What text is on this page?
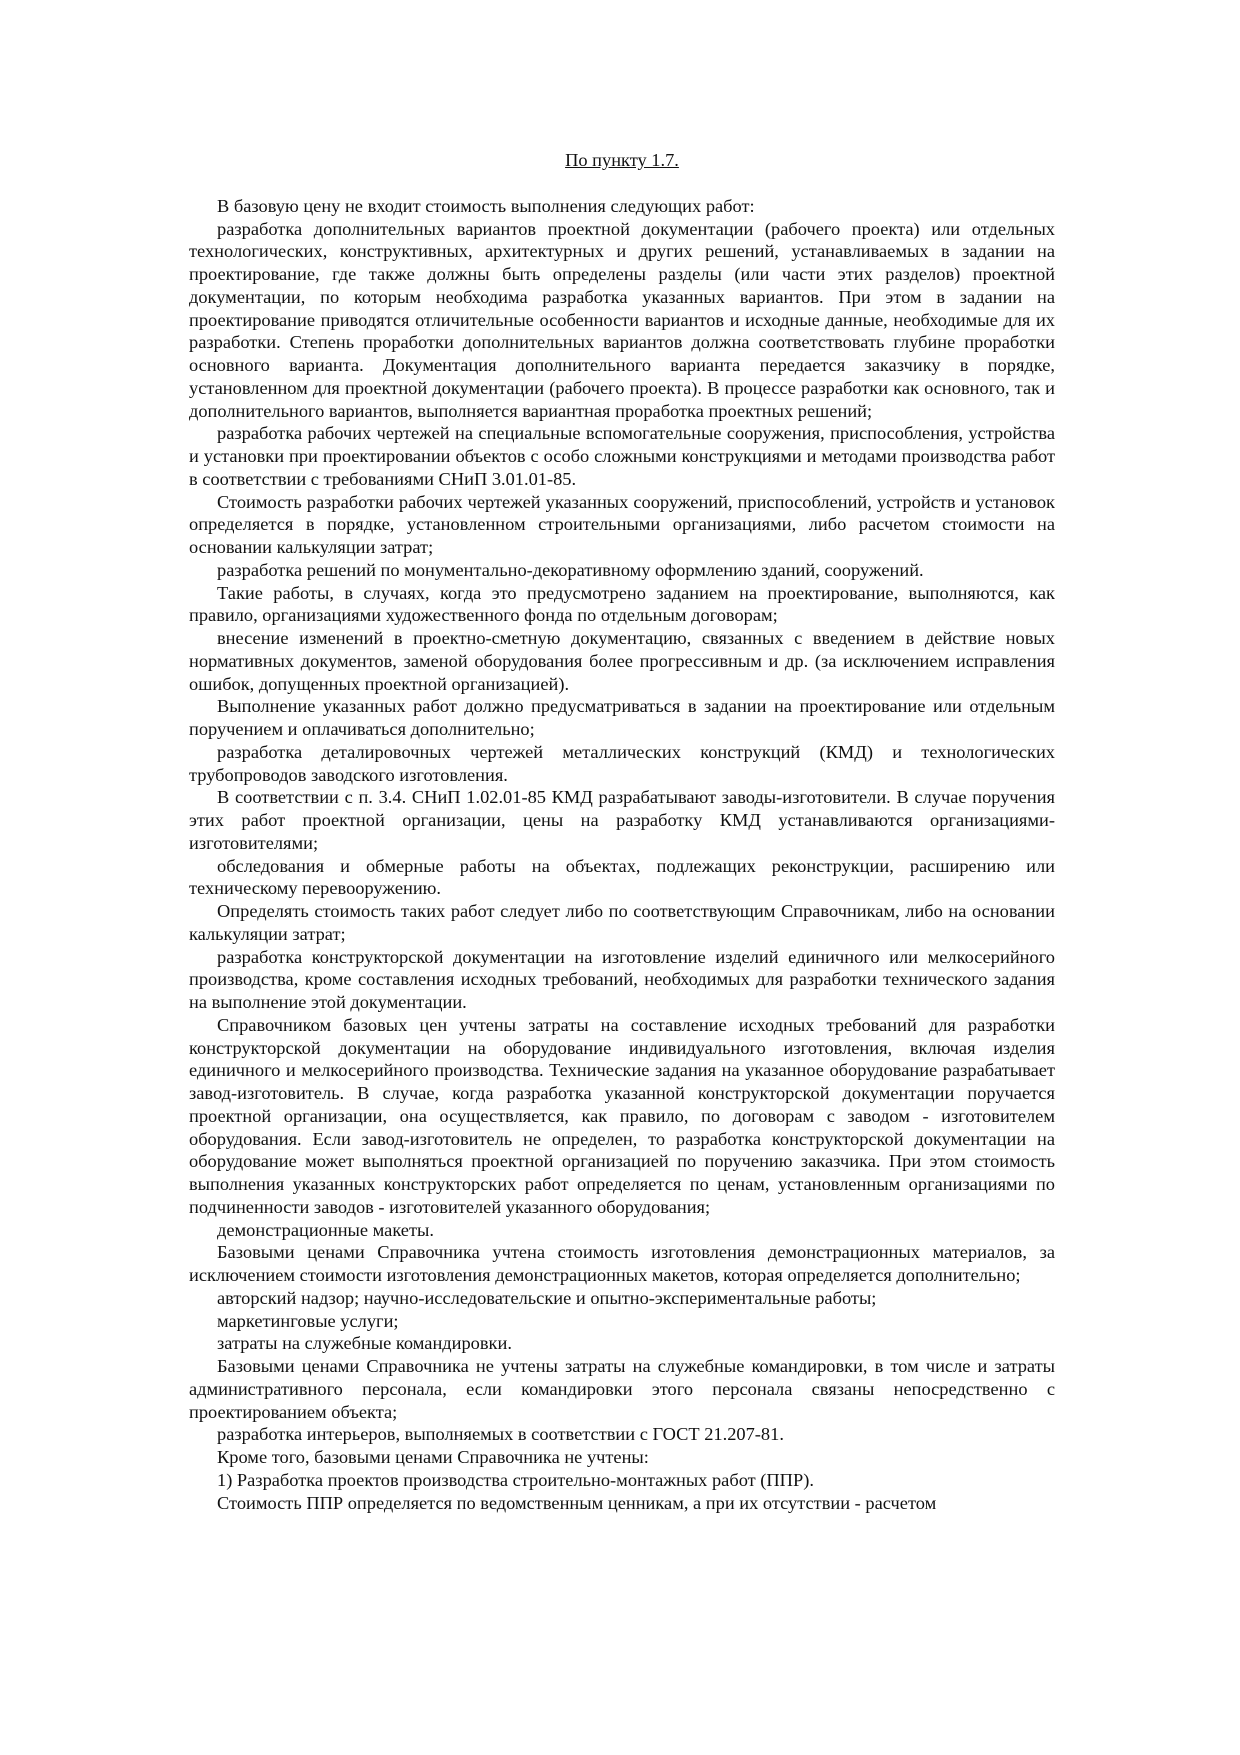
По пункту 1.7.

В базовую цену не входит стоимость выполнения следующих работ:

разработка дополнительных вариантов проектной документации (рабочего проекта) или отдельных технологических, конструктивных, архитектурных и других решений, устанавливаемых в задании на проектирование, где также должны быть определены разделы (или части этих разделов) проектной документации, по которым необходима разработка указанных вариантов. При этом в задании на проектирование приводятся отличительные особенности вариантов и исходные данные, необходимые для их разработки. Степень проработки дополнительных вариантов должна соответствовать глубине проработки основного варианта. Документация дополнительного варианта передается заказчику в порядке, установленном для проектной документации (рабочего проекта). В процессе разработки как основного, так и дополнительного вариантов, выполняется вариантная проработка проектных решений;

разработка рабочих чертежей на специальные вспомогательные сооружения, приспособления, устройства и установки при проектировании объектов с особо сложными конструкциями и методами производства работ в соответствии с требованиями СНиП 3.01.01-85.

Стоимость разработки рабочих чертежей указанных сооружений, приспособлений, устройств и установок определяется в порядке, установленном строительными организациями, либо расчетом стоимости на основании калькуляции затрат;

разработка решений по монументально-декоративному оформлению зданий, сооружений.

Такие работы, в случаях, когда это предусмотрено заданием на проектирование, выполняются, как правило, организациями художественного фонда по отдельным договорам;

внесение изменений в проектно-сметную документацию, связанных с введением в действие новых нормативных документов, заменой оборудования более прогрессивным и др. (за исключением исправления ошибок, допущенных проектной организацией).

Выполнение указанных работ должно предусматриваться в задании на проектирование или отдельным поручением и оплачиваться дополнительно;

разработка деталировочных чертежей металлических конструкций (КМД) и технологических трубопроводов заводского изготовления.

В соответствии с п. 3.4. СНиП 1.02.01-85 КМД разрабатывают заводы-изготовители. В случае поручения этих работ проектной организации, цены на разработку КМД устанавливаются организациями-изготовителями;

обследования и обмерные работы на объектах, подлежащих реконструкции, расширению или техническому перевооружению.

Определять стоимость таких работ следует либо по соответствующим Справочникам, либо на основании калькуляции затрат;

разработка конструкторской документации на изготовление изделий единичного или мелкосерийного производства, кроме составления исходных требований, необходимых для разработки технического задания на выполнение этой документации.

Справочником базовых цен учтены затраты на составление исходных требований для разработки конструкторской документации на оборудование индивидуального изготовления, включая изделия единичного и мелкосерийного производства. Технические задания на указанное оборудование разрабатывает завод-изготовитель. В случае, когда разработка указанной конструкторской документации поручается проектной организации, она осуществляется, как правило, по договорам с заводом - изготовителем оборудования. Если завод-изготовитель не определен, то разработка конструкторской документации на оборудование может выполняться проектной организацией по поручению заказчика. При этом стоимость выполнения указанных конструкторских работ определяется по ценам, установленным организациями по подчиненности заводов - изготовителей указанного оборудования;

демонстрационные макеты.

Базовыми ценами Справочника учтена стоимость изготовления демонстрационных материалов, за исключением стоимости изготовления демонстрационных макетов, которая определяется дополнительно;

авторский надзор; научно-исследовательские и опытно-экспериментальные работы;

маркетинговые услуги;

затраты на служебные командировки.

Базовыми ценами Справочника не учтены затраты на служебные командировки, в том числе и затраты административного персонала, если командировки этого персонала связаны непосредственно с проектированием объекта;

разработка интерьеров, выполняемых в соответствии с ГОСТ 21.207-81.

Кроме того, базовыми ценами Справочника не учтены:

1) Разработка проектов производства строительно-монтажных работ (ППР).

Стоимость ППР определяется по ведомственным ценникам, а при их отсутствии - расчетом
